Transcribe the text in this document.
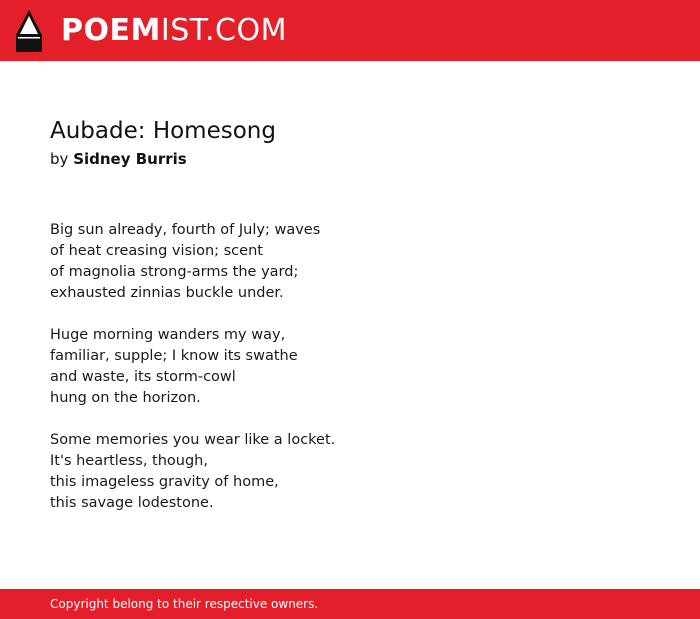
POEMIST.COM
Aubade: Homesong

by Sidney Burris

Big sun already, fourth of July; waves
of heat creasing vision; scent
of magnolia strong-arms the yard;
exhausted zinnias buckle under.
Huge morning wanders my way,
familiar, supple; I know its swathe
and waste, its storm-cowl
hung on the horizon.
Some memories you wear like a locket.
It's heartless, though,
this imageless gravity of home,
this savage lodestone.
Copyright belong to their respective owners.
